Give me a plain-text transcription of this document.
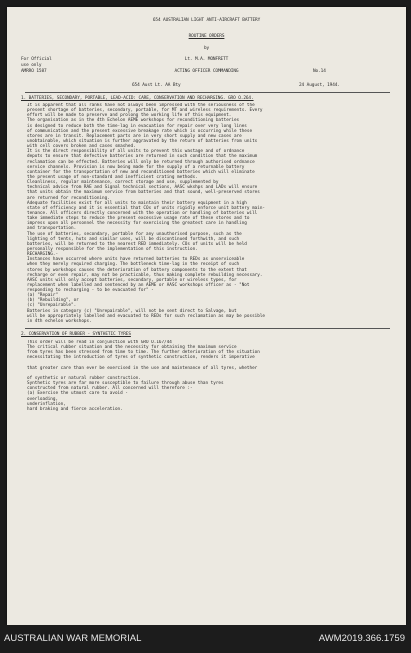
654 AUSTRALIAN LIGHT ANTI-AIRCRAFT BATTERY
ROUTINE ORDERS
by
For Official
use only
AMRRO 1587
Lt. M.A. MONFRETT
ACTING OFFICER COMMANDING	No.14
654 Aust Lt. AA Bty	24 August, 1944.
1. BATTERIES, SECONDARY, PORTABLE, LEAD-ACID: CARE, CONSERVATION AND RECHARGING. GRO O.264.
It is apparent that all ranks have not always been impressed with the seriousness of the
present shortage of batteries, secondary, portable, for MT and wireless requirements. Every
effort will be made to preserve and prolong the working life of this equipment.
The organisation as in the 4th Echelon AEME workshops for reconditioning batteries
is designed to reduce both the time-lag in evacuation for repair over very long lines
of communication and the present excessive breakage rate which is occurring while these
stores are in transit. Replacement parts are in very short supply and new cases are
unobtainable, which situation is further aggravated by the return of batteries from units
with cell covers broken and cases smashed.
It is the direct responsibility of all units to prevent this wastage and of ordnance
depots to ensure that defective batteries are returned in such condition that the maximum
reclamation can be effected. Batteries will only be returned through authorised ordnance
service channels. Provision is now being made for the supply of a returnable battery
container for the transportation of new and reconditioned batteries which will eliminate
the present usage of non-standard and inefficient crating methods.
Cleanliness, regular maintenance, correct storage and use, supplemented by
technical advice from RAE and Signal technical sections, AASC wkshps and LADs will ensure
that units obtain the maximum service from batteries and that sound, well-preserved stores
are returned for reconditioning.
Adequate facilities exist for all units to maintain their battery equipment in a high
state of efficiency and it is essential that COs of units rigidly enforce unit battery main-
tenance. All officers directly concerned with the operation or handling of batteries will
take immediate steps to reduce the present excessive usage rate of these stores and to
impress upon all personnel the necessity for exercising the greatest care in handling
and transportation.
The use of batteries, secondary, portable for any unauthorised purpose, such as the
lighting of tents, huts and similar uses, will be discontinued forthwith, and such
batteries, will be returned to the nearest RED immediately. COs of units will be held
personally responsible for the implementation of this instruction.
RECHARGING.-
Instances have occurred where units have returned batteries to REDs as unserviceable
when they merely required charging. The bottleneck time-lag in the receipt of such
stores by workshops causes the deterioration of battery components to the extent that
recharge or even repair, may not be practicable, thus making complete rebuilding necessary.
AASC units will only accept batteries, secondary, portable or wireless types, for
replacement when labelled and sentenced by an AEME or AASC workshops officer as - "Not
responding to recharging - to be evacuated for" -
(a) "Repair"
(b) "Rebuilding", or
(c) "Unrepairable".
Batteries in category (c) "Unrepairable", will not be sent direct to Salvage, but
will be appropriately labelled and evacuated to REDs for such reclamation as may be possible
in 4th echelon workshops.
2. CONSERVATION OF RUBBER - SYNTHETIC TYRES
This order will be read in conjunction with GRO O.167/44
The critical rubber situation and the necessity for obtaining the maximum service
from tyres has been stressed from time to time. The further deterioration of the situation
necessitating the introduction of tyres of synthetic construction, renders it imperative
that greater care than ever be exercised in the use and maintenance of all tyres, whether
of synthetic or natural rubber construction.
Synthetic tyres are far more susceptible to failure through abuse than tyres
constructed from natural rubber. All concerned will therefore :-
(a) Exercise the utmost care to avoid -
overloading,
underinflation,
hard braking and fierce acceleration.
AUSTRALIAN WAR MEMORIAL	AWM2019.366.1759
